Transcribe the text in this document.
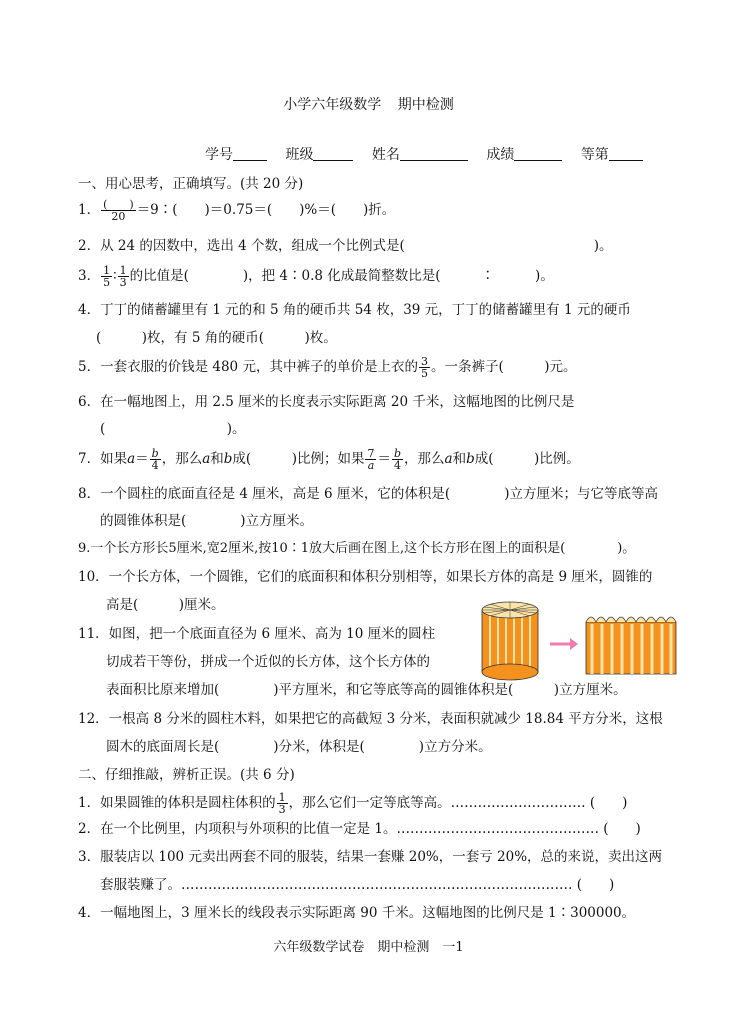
小学六年级数学 期中检测
学号	班级	姓名	成绩	等第
一、用心思考，正确填写。(共 20 分)
1． $\frac{( )}{20}$ ＝9∶(　　)＝0.75＝(　　)%＝(　　)折。
2．从 24 的因数中，选出 4 个数，组成一个比例式是(　　　　　　　　　　　　　　)。
3． $\frac{1}{5}$ ∶ $\frac{1}{3}$ 的比值是(　　　　)，把 4∶0.8 化成最简整数比是(　　　∶　　　)。
4．丁丁的储蓄罐里有 1 元的和 5 角的硬币共 54 枚，39 元，丁丁的储蓄罐里有 1 元的硬币
(　　　)枚，有 5 角的硬币(　　　)枚。
5．一套衣服的价钱是 480 元，其中裤子的单价是上衣的 $\frac{3}{5}$ 。一条裤子(　　　)元。
6．在一幅地图上，用 2.5 厘米的长度表示实际距离 20 千米，这幅地图的比例尺是
(　　　　　　　　　)。
7．如果$a= \frac{b}{4}$ ，那么a和b成(　　　)比例；如果 $\frac{7}{a} = \frac{b}{4}$ ，那么a和b成(　　　)比例。
8．一个圆柱的底面直径是 4 厘米，高是 6 厘米，它的体积是(　　　　)立方厘米；与它等底等高
的圆锥体积是(　　　　)立方厘米。
9.一个长方形长5厘米,宽2厘米,按10∶1放大后画在图上,这个长方形在图上的面积是(　　　　)。
10．一个长方体，一个圆锥，它们的底面积和体积分别相等，如果长方体的高是 9 厘米，圆锥的
高是(　　　)厘米。
11．如图，把一个底面直径为 6 厘米、高为 10 厘米的圆柱
切成若干等份，拼成一个近似的长方体，这个长方体的
表面积比原来增加(　　　　)平方厘米，和它等底等高的圆锥体积是(　　　)立方厘米。
12．一根高 8 分米的圆柱木料，如果把它的高截短 3 分米，表面积就减少 18.84 平方分米，这根
圆木的底面周长是(　　　　)分米，体积是(　　　　)立方分米。
二、仔细推敲，辨析正误。(共 6 分)
1．如果圆锥的体积是圆柱体积的 $\frac{1}{3}$ ，那么它们一定等底等高。………………………… (　　)
2．在一个比例里，内项积与外项积的比值一定是 1。……………………………………… (　　)
3．服装店以 100 元卖出两套不同的服装，结果一套赚 20%，一套亏 20%，总的来说，卖出这两
套服装赚了。…………………………………………………………………………… (　　)
4．一幅地图上，3 厘米长的线段表示实际距离 90 千米。这幅地图的比例尺是 1∶300000。
六年级数学试卷　期中检测　一1
